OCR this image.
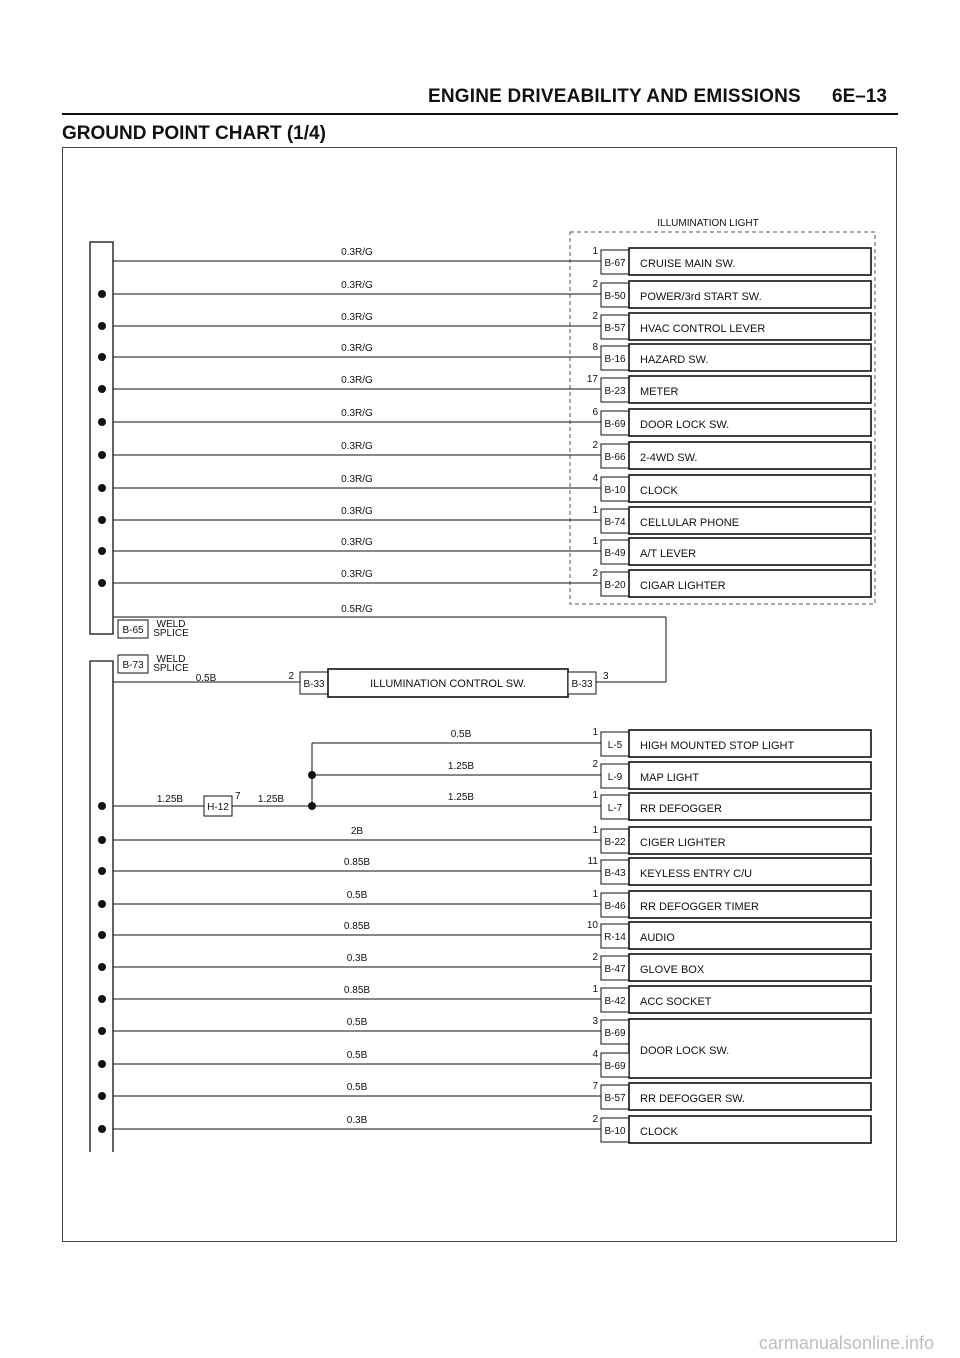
ENGINE DRIVEABILITY AND EMISSIONS 6E–13
GROUND POINT CHART (1/4)
ILLUMINATION LIGHT
0.3R/G	1
B-67 CRUISE MAIN SW.
0.3R/G	2
B-50 POWER/3rd START SW.
0.3R/G	2
B-57 HVAC CONTROL LEVER
0.3R/G	8
B-16 HAZARD SW.
0.3R/G	17
B-23 METER
0.3R/G	6
B-69 DOOR LOCK SW.
0.3R/G	2
B-66 2-4WD SW.
0.3R/G	4
B-10 CLOCK
0.3R/G	1
B-74 CELLULAR PHONE
0.3R/G	1
B-49 A/T LEVER
0.3R/G	2
B-20 CIGAR LIGHTER
B-65
WELD
SPLICE
0.5R/G
B-73
WELD
SPLICE
0.5B	2
B-33	ILLUMINATION CONTROL SW.	B-33
3
1.25B
H-12
7 1.25B
0.5B	1
L-5 HIGH MOUNTED STOP LIGHT
1.25B	2
L-9 MAP LIGHT
1.25B	1
L-7 RR DEFOGGER
2B	1
B-22 CIGER LIGHTER
0.85B	11
B-43 KEYLESS ENTRY C/U
0.5B	1
B-46 RR DEFOGGER TIMER
0.85B	10
R-14 AUDIO
0.3B	2
B-47 GLOVE BOX
0.85B	1
B-42 ACC SOCKET
0.5B	3
B-69
DOOR LOCK SW.
0.5B	4
B-69
0.5B	7
B-57 RR DEFOGGER SW.
0.3B	2
B-10 CLOCK
carmanualsonline.info
